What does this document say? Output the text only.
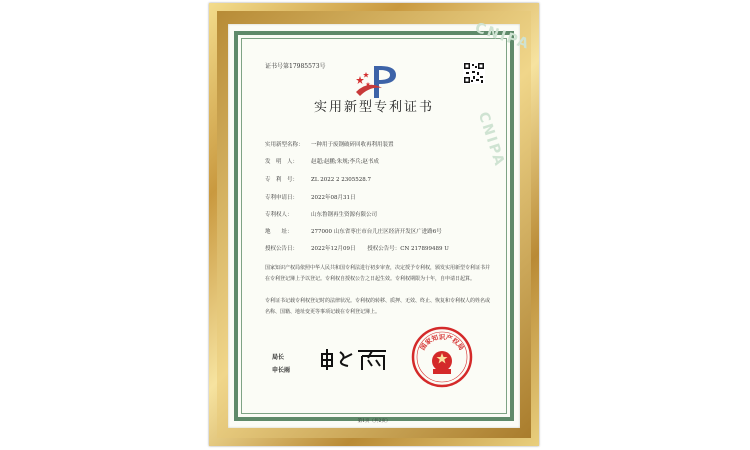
CNIPA
CNIPA
证书号第17985573号
实用新型专利证书
实用新型名称： 一种用于废钢破碎回收再利用装置
发　明　人： 赵超;赵鹏;朱规;李兵;赵书成
专　利　号： ZL 2022 2 2305528.7
专利申请日： 2022年08月31日
专利权人：	山东鲁钢再生资源有限公司
地　　址：	277000 山东省枣庄市台儿庄区经济开发区广进路6号
授权公告日： 2022年12月09日 授权公告号：CN 217899489 U
国家知识产权局依照中华人民共和国专利法进行初步审查，决定授予专利权，颁发实用新型专利证书并在专利登记簿上予以登记。专利权自授权公告之日起生效。专利权期限为十年，自申请日起算。
专利证书记载专利权登记时的法律状况。专利权的转移、质押、无效、终止、恢复和专利权人的姓名或名称、国籍、地址变更等事项记载在专利登记簿上。
局长
申长雨
国家知识产权局
第1页（共2页）
